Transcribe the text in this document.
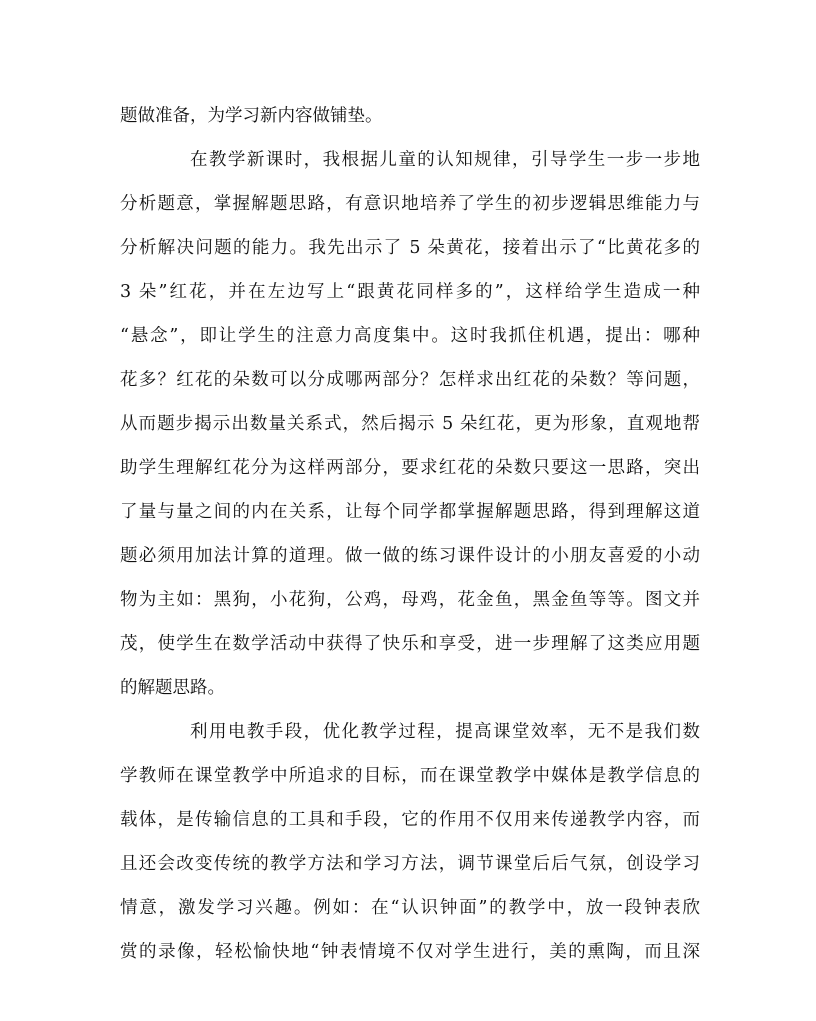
题做准备，为学习新内容做铺垫。
在教学新课时，我根据儿童的认知规律，引导学生一步一步地
分析题意，掌握解题思路，有意识地培养了学生的初步逻辑思维能力与
分析解决问题的能力。我先出示了 5 朵黄花，接着出示了“比黄花多的
3 朵”红花，并在左边写上“跟黄花同样多的”，这样给学生造成一种
“悬念”，即让学生的注意力高度集中。这时我抓住机遇，提出：哪种
花多？红花的朵数可以分成哪两部分？怎样求出红花的朵数？等问题，
从而题步揭示出数量关系式，然后揭示 5 朵红花，更为形象，直观地帮
助学生理解红花分为这样两部分，要求红花的朵数只要这一思路，突出
了量与量之间的内在关系，让每个同学都掌握解题思路，得到理解这道
题必须用加法计算的道理。做一做的练习课件设计的小朋友喜爱的小动
物为主如：黑狗，小花狗，公鸡，母鸡，花金鱼，黑金鱼等等。图文并
茂，使学生在数学活动中获得了快乐和享受，进一步理解了这类应用题
的解题思路。
利用电教手段，优化教学过程，提高课堂效率，无不是我们数
学教师在课堂教学中所追求的目标，而在课堂教学中媒体是教学信息的
载体，是传输信息的工具和手段，它的作用不仅用来传递教学内容，而
且还会改变传统的教学方法和学习方法，调节课堂后后气氛，创设学习
情意，激发学习兴趣。例如：在“认识钟面”的教学中，放一段钟表欣
赏的录像，轻松愉快地“钟表情境不仅对学生进行，美的熏陶，而且深
